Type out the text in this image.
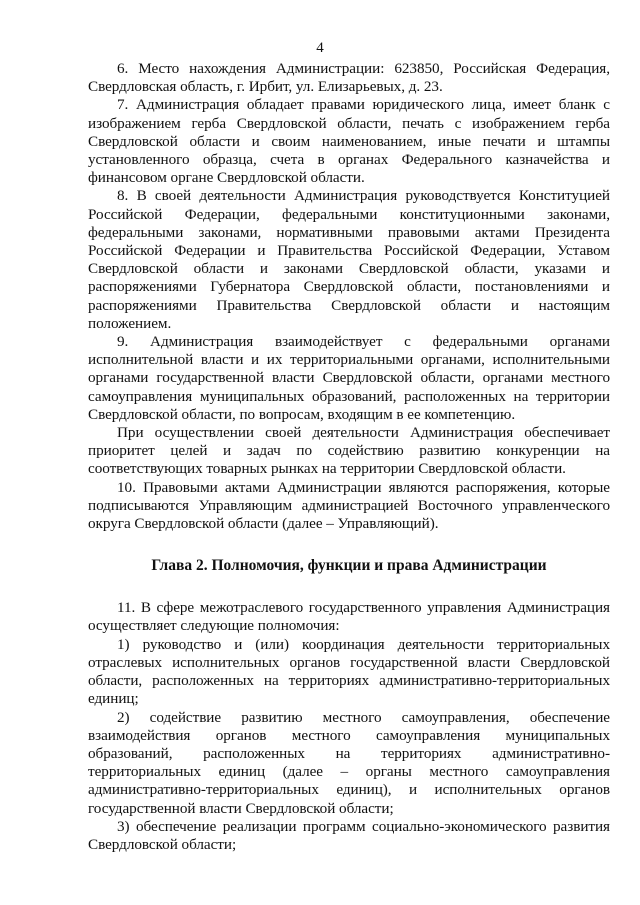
4

6. Место нахождения Администрации: 623850, Российская Федерация, Свердловская область, г. Ирбит, ул. Елизарьевых, д. 23.

7. Администрация обладает правами юридического лица, имеет бланк с изображением герба Свердловской области, печать с изображением герба Свердловской области и своим наименованием, иные печати и штампы установленного образца, счета в органах Федерального казначейства и финансовом органе Свердловской области.

8. В своей деятельности Администрация руководствуется Конституцией Российской Федерации, федеральными конституционными законами, федеральными законами, нормативными правовыми актами Президента Российской Федерации и Правительства Российской Федерации, Уставом Свердловской области и законами Свердловской области, указами и распоряжениями Губернатора Свердловской области, постановлениями и распоряжениями Правительства Свердловской области и настоящим положением.

9. Администрация взаимодействует с федеральными органами исполнительной власти и их территориальными органами, исполнительными органами государственной власти Свердловской области, органами местного самоуправления муниципальных образований, расположенных на территории Свердловской области, по вопросам, входящим в ее компетенцию.

При осуществлении своей деятельности Администрация обеспечивает приоритет целей и задач по содействию развитию конкуренции на соответствующих товарных рынках на территории Свердловской области.

10. Правовыми актами Администрации являются распоряжения, которые подписываются Управляющим администрацией Восточного управленческого округа Свердловской области (далее – Управляющий).

Глава 2. Полномочия, функции и права Администрации

11. В сфере межотраслевого государственного управления Администрация осуществляет следующие полномочия:

1) руководство и (или) координация деятельности территориальных отраслевых исполнительных органов государственной власти Свердловской области, расположенных на территориях административно-территориальных единиц;

2) содействие развитию местного самоуправления, обеспечение взаимодействия органов местного самоуправления муниципальных образований, расположенных на территориях административно-территориальных единиц (далее – органы местного самоуправления административно-территориальных единиц), и исполнительных органов государственной власти Свердловской области;

3) обеспечение реализации программ социально-экономического развития Свердловской области;
